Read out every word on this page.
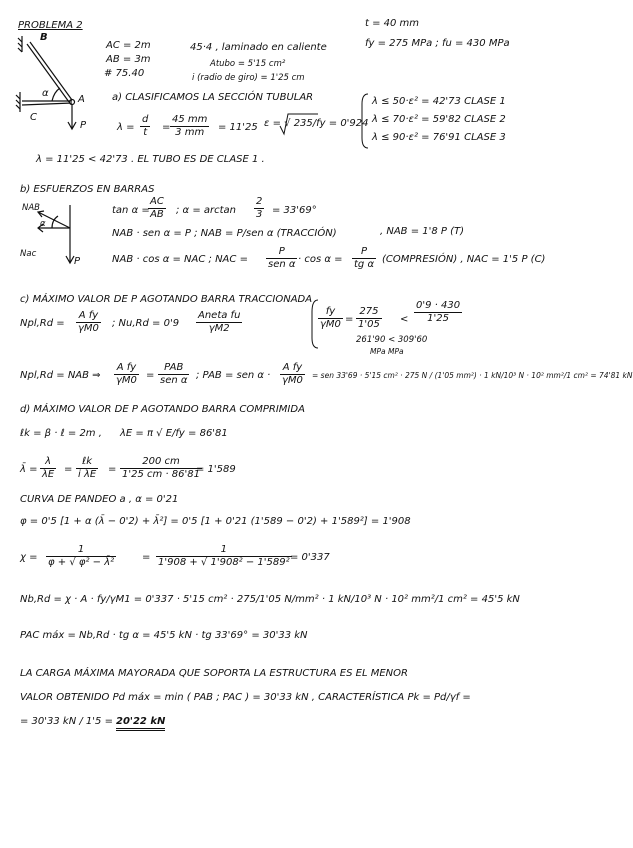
PROBLEMA 2	t = 40 mm
fy = 275 MPa ; fu = 430 MPa
B
A
C
α
P
AC = 2m
AB = 3m
# 75.40
45·4 , laminado en caliente
Atubo = 5'15 cm²
i (radio de giro) = 1'25 cm
a) CLASIFICAMOS LA SECCIÓN TUBULAR
$\lambda = \frac{d}{t} = \frac{45 mm}{3 mm} = 11'25$ ε = √ 235/fy = 0'924
λ ≤ 50·ε² = 42'73 CLASE 1
λ ≤ 70·ε² = 59'82 CLASE 2
λ ≤ 90·ε² = 76'91 CLASE 3
λ = 11'25 < 42'73 . EL TUBO ES DE CLASE 1 .
b) ESFUERZOS EN BARRAS
NAB
α
Nac
P
tan α =
$\frac{AC}{AB}$ ; $\alpha = \arctan \frac{2}{3} = 33'69^\circ$
NAB · sen α = P ; NAB = P/sen α (TRACCIÓN)	, NAB = 1'8 P (T)
NAB · cos α = NAC ; NAC =
P
sen $\alpha \cdot \cos \alpha = \frac{P}{\text{tg α}}$ (COMPRESIÓN) , NAC = 1'5 P (C)
c) MÁXIMO VALOR DE P AGOTANDO BARRA TRACCIONADA
$Npl,Rd = \frac{\text{A fy}}{\gamma M0}$ ; Nu,Rd = 0'9
Aneta fu
γM2	$\frac{fy}{\gamma M0} = \frac{275}{1'05} < \frac{0'9 \cdot 430}{1'25}$
261'90 < 309'60
MPa MPa
Npl,Rd = NAB ⇒ $\frac{\text{A fy}}{\gamma M0}$ =
PAB
sen α ; PAB = sen $\alpha \cdot \frac{\text{A fy}}{\gamma M0}$ = sen 33'69 · 5'15 cm² · 275 N / (1'05 mm²) · 1 kN/10³ N · 10² mm²/1 cm² = 74'81 kN
d) MÁXIMO VALOR DE P AGOTANDO BARRA COMPRIMIDA
ℓk = β · ℓ = 2m , λE = π √ E/fy = 86'81
λ̄ = $\frac{\lambda}{\lambda E}$ =
ℓk
i $\lambda E = \frac{200 cm}{1'25 cm \cdot 86'81}$
= 1'589
CURVA DE PANDEO a , α = 0'21
φ = 0'5 [1 + α (λ̄ − 0'2) + λ̄²] = 0'5 [1 + 0'21 (1'589 − 0'2) + 1'589²] = 1'908
$\chi = \frac{1}{\text{φ + √ φ² − λ̄²}}$	= $\frac{1}{\text{1'908 + √ 1'908² − 1'589²}}$
= 0'337
Nb,Rd = χ · A · fy/γM1 = 0'337 · 5'15 cm² · 275/1'05 N/mm² · 1 kN/10³ N · 10² mm²/1 cm² = 45'5 kN
PAC máx = Nb,Rd · tg α = 45'5 kN · tg 33'69° = 30'33 kN
LA CARGA MÁXIMA MAYORADA QUE SOPORTA LA ESTRUCTURA ES EL MENOR
VALOR OBTENIDO Pd máx = min ( PAB ; PAC ) = 30'33 kN , CARACTERÍSTICA Pk = Pd/γf =
= 30'33 kN / 1'5 = 20'22 kN
